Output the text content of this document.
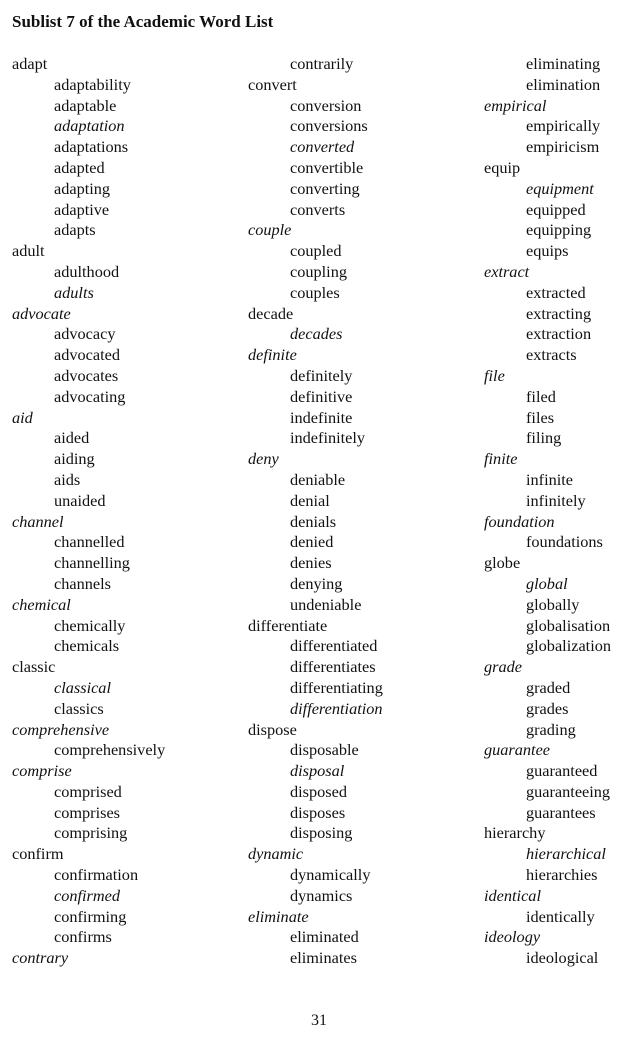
Sublist 7 of the Academic Word List
adapt
adaptability
adaptable
adaptation
adaptations
adapted
adapting
adaptive
adapts
adult
adulthood
adults
advocate
advocacy
advocated
advocates
advocating
aid
aided
aiding
aids
unaided
channel
channelled
channelling
channels
chemical
chemically
chemicals
classic
classical
classics
comprehensive
comprehensively
comprise
comprised
comprises
comprising
confirm
confirmation
confirmed
confirming
confirms
contrary
contrarily
convert
conversion
conversions
converted
convertible
converting
converts
couple
coupled
coupling
couples
decade
decades
definite
definitely
definitive
indefinite
indefinitely
deny
deniable
denial
denials
denied
denies
denying
undeniable
differentiate
differentiated
differentiates
differentiating
differentiation
dispose
disposable
disposal
disposed
disposes
disposing
dynamic
dynamically
dynamics
eliminate
eliminated
eliminates
eliminating
elimination
empirical
empirically
empiricism
equip
equipment
equipped
equipping
equips
extract
extracted
extracting
extraction
extracts
file
filed
files
filing
finite
infinite
infinitely
foundation
foundations
globe
global
globally
globalisation
globalization
grade
graded
grades
grading
guarantee
guaranteed
guaranteeing
guarantees
hierarchy
hierarchical
hierarchies
identical
identically
ideology
ideological
31
